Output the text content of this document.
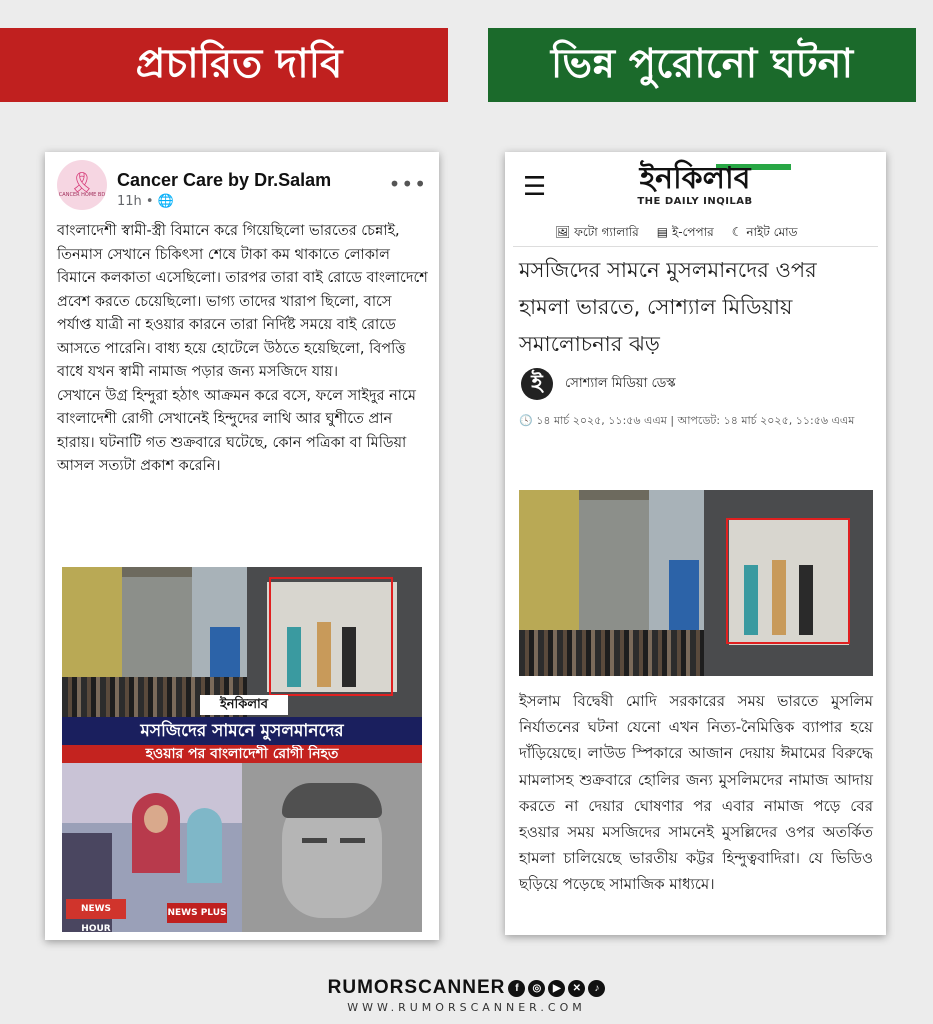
প্রচারিত দাবি	ভিন্ন পুরোনো ঘটনা
🎗
CANCER HOME BD
Cancer Care by Dr.Salam
11h • 🌐
•••

বাংলাদেশী স্বামী-স্ত্রী বিমানে করে গিয়েছিলো ভারতের চেন্নাই, তিনমাস সেখানে চিকিৎসা শেষে টাকা কম থাকাতে লোকাল বিমানে কলকাতা এসেছিলো। তারপর তারা বাই রোডে বাংলাদেশে প্রবেশ করতে চেয়েছিলো। ভাগ্য তাদের খারাপ ছিলো, বাসে পর্যাপ্ত যাত্রী না হওয়ার কারনে তারা নির্দিষ্ট সময়ে বাই রোডে আসতে পারেনি। বাধ্য হয়ে হোটেলে উঠতে হয়েছিলো, বিপত্তি বাধে যখন স্বামী নামাজ পড়ার জন্য মসজিদে যায়।

সেখানে উগ্র হিন্দুরা হঠাৎ আক্রমন করে বসে, ফলে সাইদুর নামে বাংলাদেশী রোগী সেখানেই হিন্দুদের লাথি আর ঘুশীতে প্রান হারায়। ঘটনাটি গত শুক্রবারে ঘটেছে, কোন পত্রিকা বা মিডিয়া আসল সত্যটা প্রকাশ করেনি।

ইনকিলাব
মসজিদের সামনে মুসলমানদের
হওয়ার পর বাংলাদেশী রোগী নিহত
NEWS HOUR
NEWS PLUS
☰	ইনকিলাব
THE DAILY INQILAB
🖼 ফটো গ্যালারি ▤ ই-পেপার ☾ নাইট মোড
মসজিদের সামনে মুসলমানদের ওপর হামলা ভারতে, সোশ্যাল মিডিয়ায় সমালোচনার ঝড়
ই	সোশ্যাল মিডিয়া ডেস্ক
🕓 ১৪ মার্চ ২০২৫, ১১:৫৬ এএম | আপডেট: ১৪ মার্চ ২০২৫, ১১:৫৬ এএম
ইসলাম বিদ্বেষী মোদি সরকারের সময় ভারতে মুসলিম নির্যাতনের ঘটনা যেনো এখন নিত্য-নৈমিত্তিক ব্যাপার হয়ে দাঁড়িয়েছে। লাউড স্পিকারে আজান দেয়ায় ঈমামের বিরুদ্ধে মামলাসহ শুক্রবারে হোলির জন্য মুসলিমদের নামাজ আদায় করতে না দেয়ার ঘোষণার পর এবার নামাজ পড়ে বের হওয়ার সময় মসজিদের সামনেই মুসল্লিদের ওপর অতর্কিত হামলা চালিয়েছে ভারতীয় কট্টর হিন্দুত্ববাদিরা। যে ভিডিও ছড়িয়ে পড়েছে সামাজিক মাধ্যমে।
RUMORSCANNER f ◎ ▶ ✕ ♪
WWW.RUMORSCANNER.COM
